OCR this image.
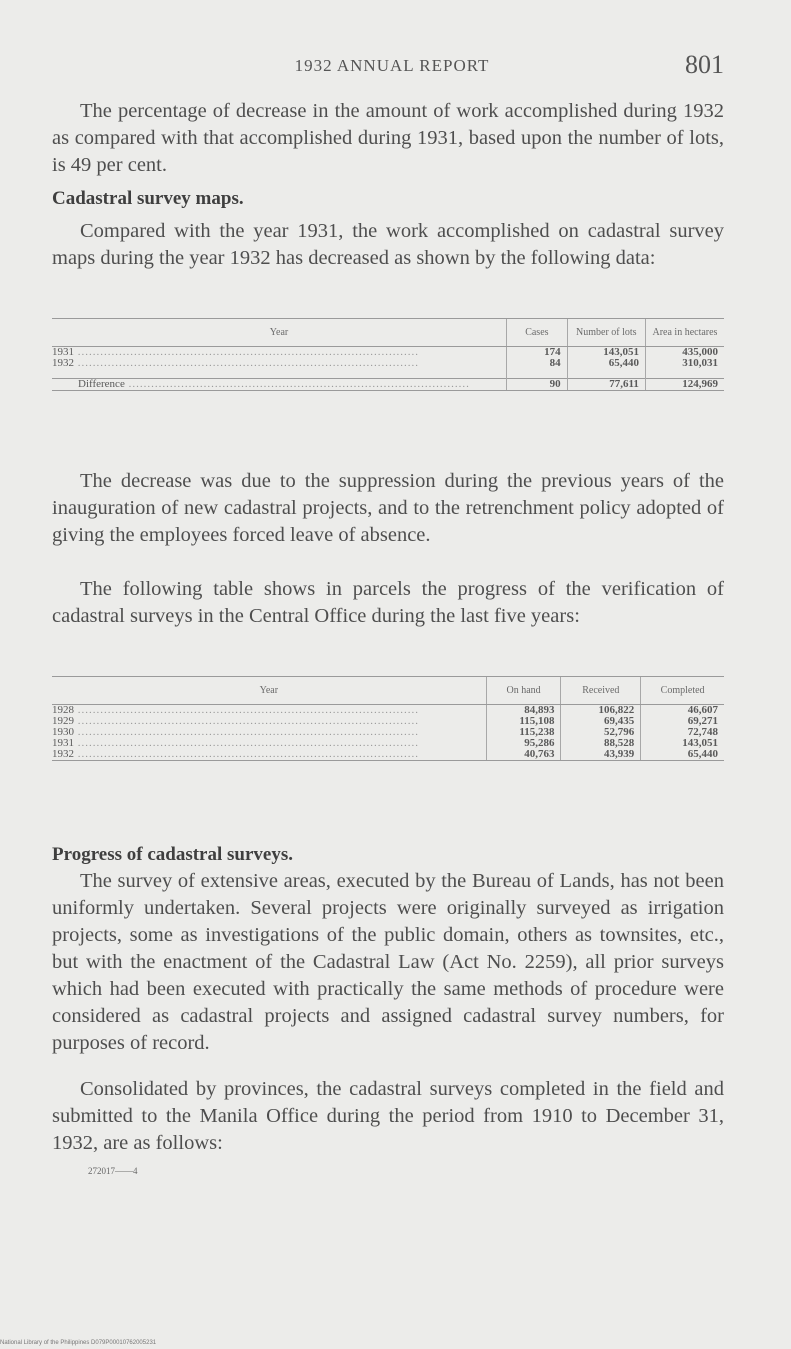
1932 ANNUAL REPORT	801
The percentage of decrease in the amount of work accomplished during 1932 as compared with that accomplished during 1931, based upon the number of lots, is 49 per cent.
Cadastral survey maps.
Compared with the year 1931, the work accomplished on cadastral survey maps during the year 1932 has decreased as shown by the following data:
Year	Cases	Number of lots	Area in hectares

1931 .....	174	143,051	435,000

1932 .....	84	65,440	310,031

Difference .....	90	77,611	124,969
The decrease was due to the suppression during the previous years of the inauguration of new cadastral projects, and to the retrenchment policy adopted of giving the employees forced leave of absence.
The following table shows in parcels the progress of the verification of cadastral surveys in the Central Office during the last five years:
Year	On hand	Received	Completed

1928 .....	84,893	106,822	46,607

1929 .....	115,108	69,435	69,271

1930 .....	115,238	52,796	72,748

1931 .....	95,286	88,528	143,051

1932 .....	40,763	43,939	65,440
Progress of cadastral surveys.
The survey of extensive areas, executed by the Bureau of Lands, has not been uniformly undertaken. Several projects were originally surveyed as irrigation projects, some as investigations of the public domain, others as townsites, etc., but with the enactment of the Cadastral Law (Act No. 2259), all prior surveys which had been executed with practically the same methods of procedure were considered as cadastral projects and assigned cadastral survey numbers, for purposes of record.
Consolidated by provinces, the cadastral surveys completed in the field and submitted to the Manila Office during the period from 1910 to December 31, 1932, are as follows:
272017——4
National Library of the Philippines D079P00010762005231
